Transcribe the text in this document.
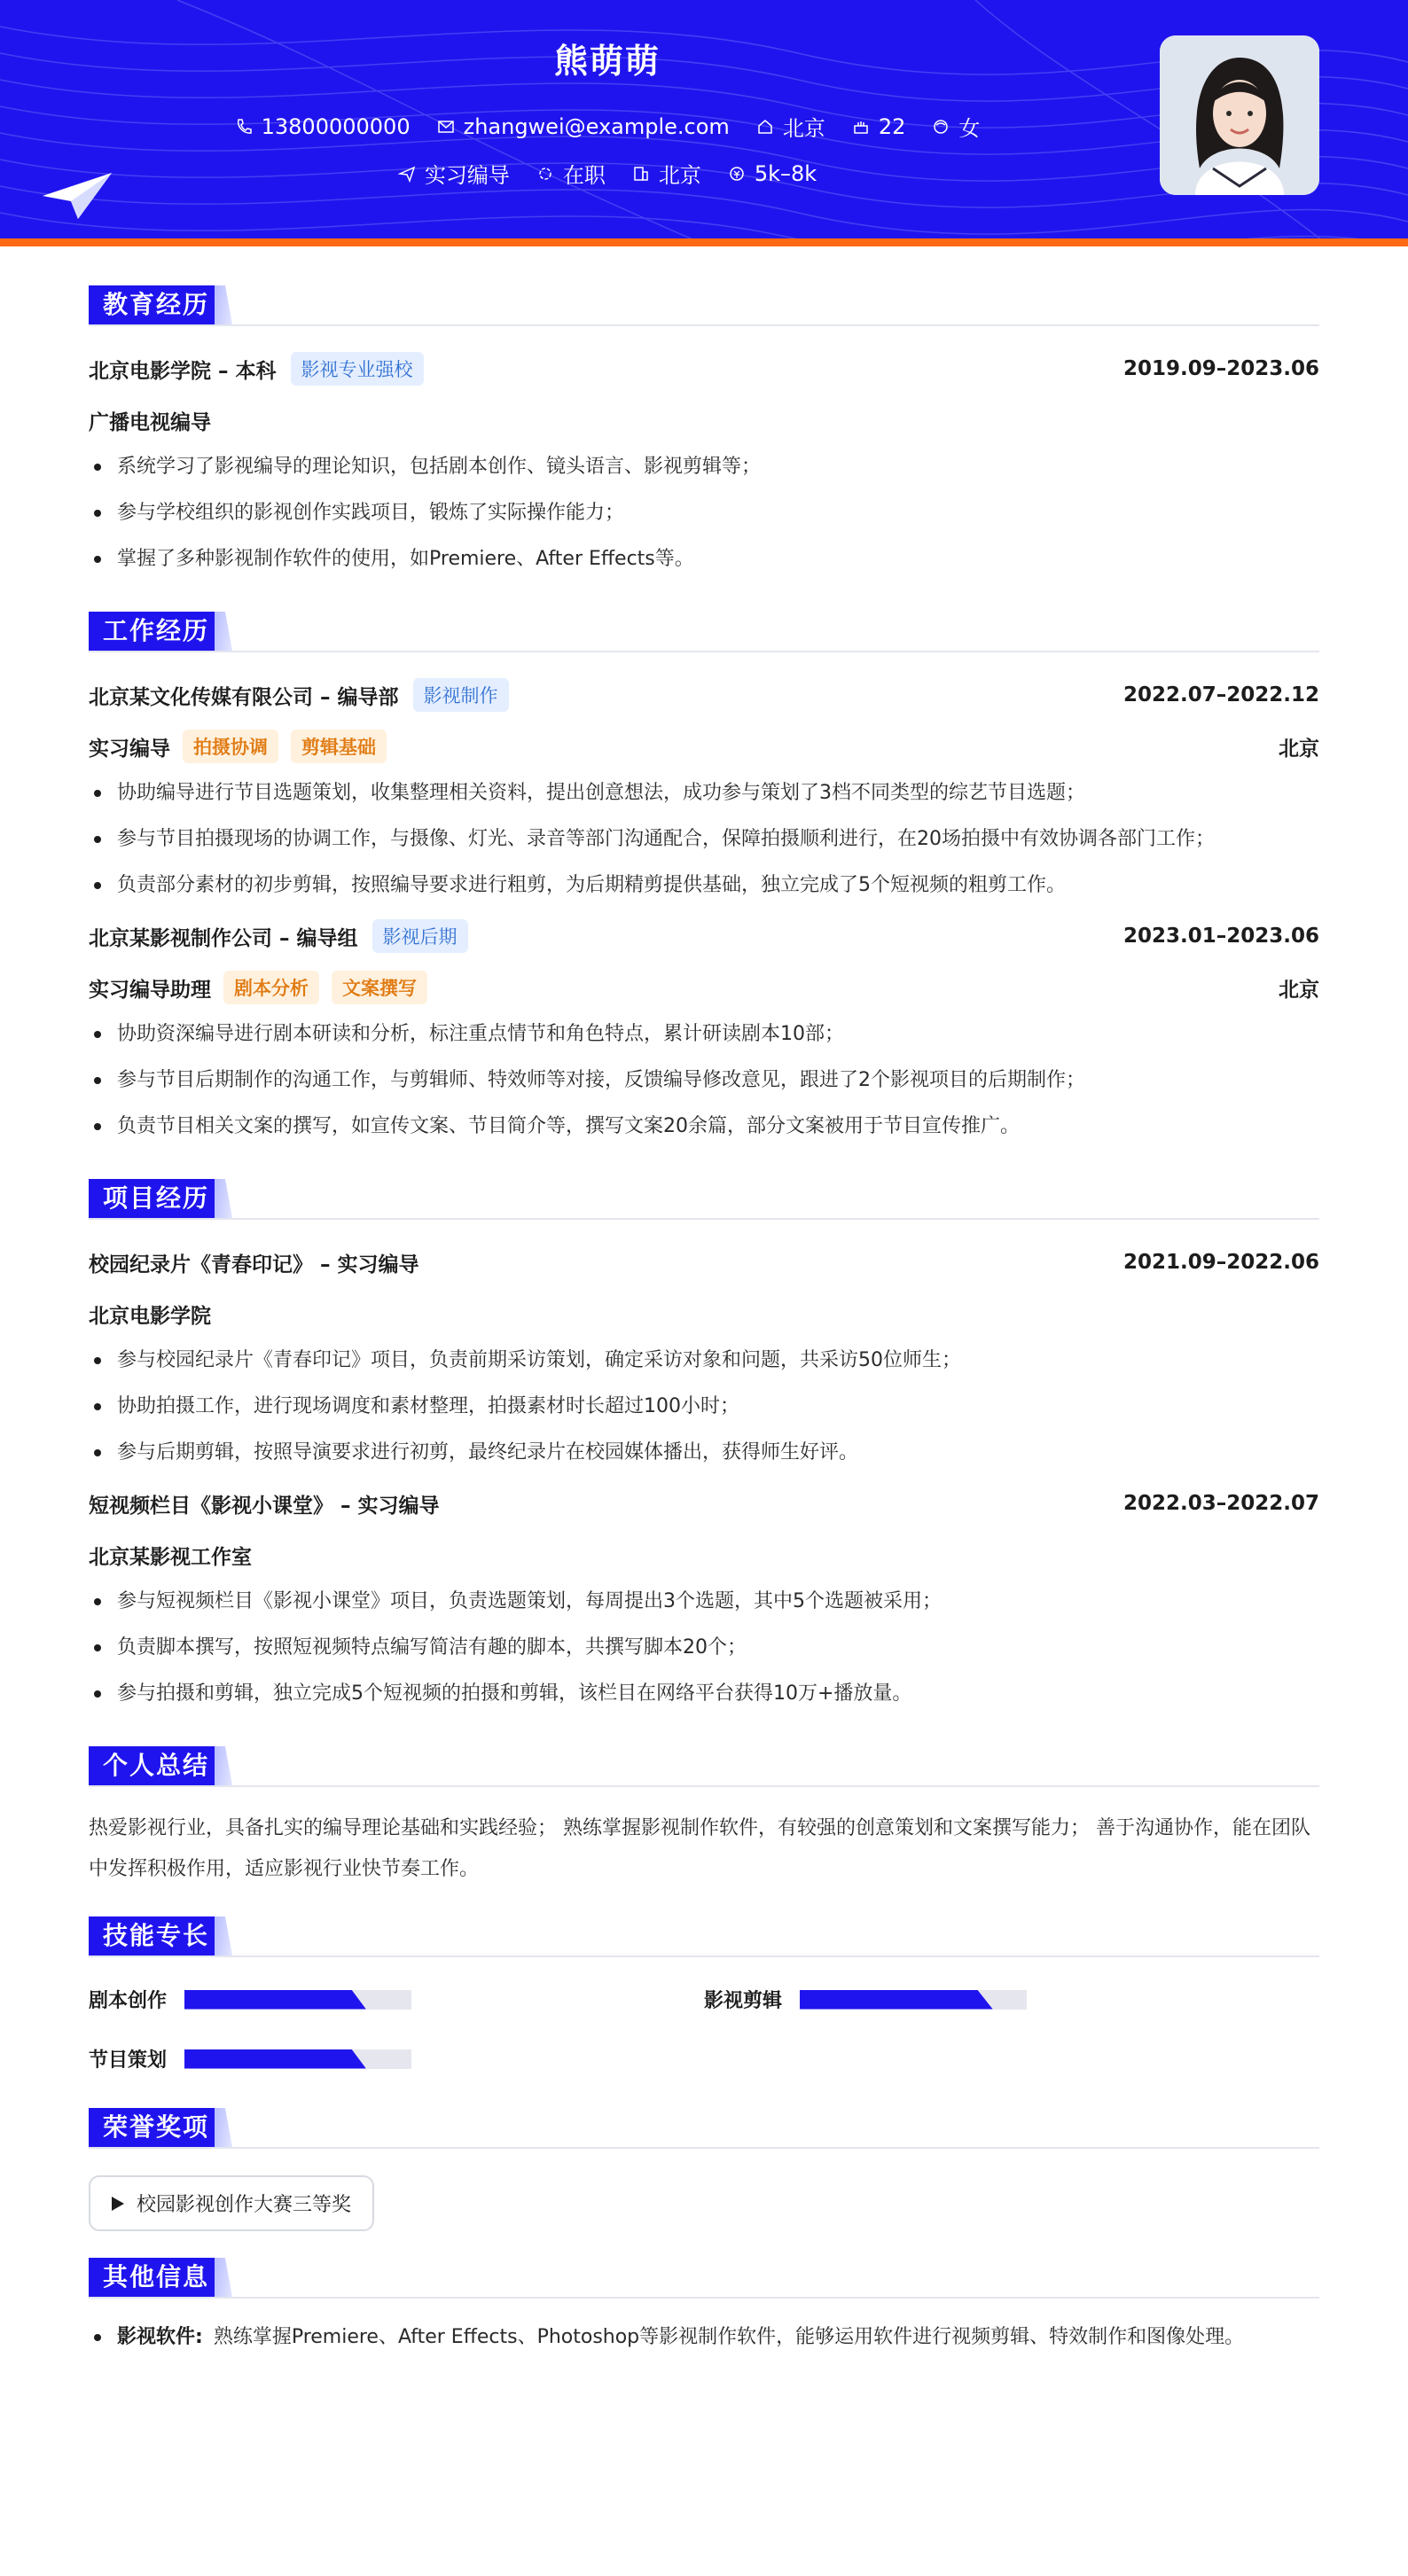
熊萌萌
13800000000	zhangwei@example.com	北京	22	女
实习编导	在职	北京	5k–8k
教育经历
北京电影学院 – 本科	影视专业强校	2019.09–2023.06
广播电视编导
系统学习了影视编导的理论知识，包括剧本创作、镜头语言、影视剪辑等；
参与学校组织的影视创作实践项目，锻炼了实际操作能力；
掌握了多种影视制作软件的使用，如Premiere、After Effects等。
工作经历
北京某文化传媒有限公司 – 编导部	影视制作	2022.07–2022.12
实习编导	拍摄协调	剪辑基础	北京
协助编导进行节目选题策划，收集整理相关资料，提出创意想法，成功参与策划了3档不同类型的综艺节目选题；
参与节目拍摄现场的协调工作，与摄像、灯光、录音等部门沟通配合，保障拍摄顺利进行，在20场拍摄中有效协调各部门工作；
负责部分素材的初步剪辑，按照编导要求进行粗剪，为后期精剪提供基础，独立完成了5个短视频的粗剪工作。
北京某影视制作公司 – 编导组	影视后期	2023.01–2023.06
实习编导助理	剧本分析	文案撰写	北京
协助资深编导进行剧本研读和分析，标注重点情节和角色特点，累计研读剧本10部；
参与节目后期制作的沟通工作，与剪辑师、特效师等对接，反馈编导修改意见，跟进了2个影视项目的后期制作；
负责节目相关文案的撰写，如宣传文案、节目简介等，撰写文案20余篇，部分文案被用于节目宣传推广。
项目经历
校园纪录片《青春印记》 – 实习编导	2021.09–2022.06
北京电影学院
参与校园纪录片《青春印记》项目，负责前期采访策划，确定采访对象和问题，共采访50位师生；
协助拍摄工作，进行现场调度和素材整理，拍摄素材时长超过100小时；
参与后期剪辑，按照导演要求进行初剪，最终纪录片在校园媒体播出，获得师生好评。
短视频栏目《影视小课堂》 – 实习编导	2022.03–2022.07
北京某影视工作室
参与短视频栏目《影视小课堂》项目，负责选题策划，每周提出3个选题，其中5个选题被采用；
负责脚本撰写，按照短视频特点编写简洁有趣的脚本，共撰写脚本20个；
参与拍摄和剪辑，独立完成5个短视频的拍摄和剪辑，该栏目在网络平台获得10万+播放量。
个人总结

热爱影视行业，具备扎实的编导理论基础和实践经验； 熟练掌握影视制作软件，有较强的创意策划和文案撰写能力； 善于沟通协作，能在团队中发挥积极作用，适应影视行业快节奏工作。

技能专长
剧本创作	影视剪辑
节目策划
荣誉奖项
校园影视创作大赛三等奖
其他信息
影视软件: 熟练掌握Premiere、After Effects、Photoshop等影视制作软件，能够运用软件进行视频剪辑、特效制作和图像处理。
